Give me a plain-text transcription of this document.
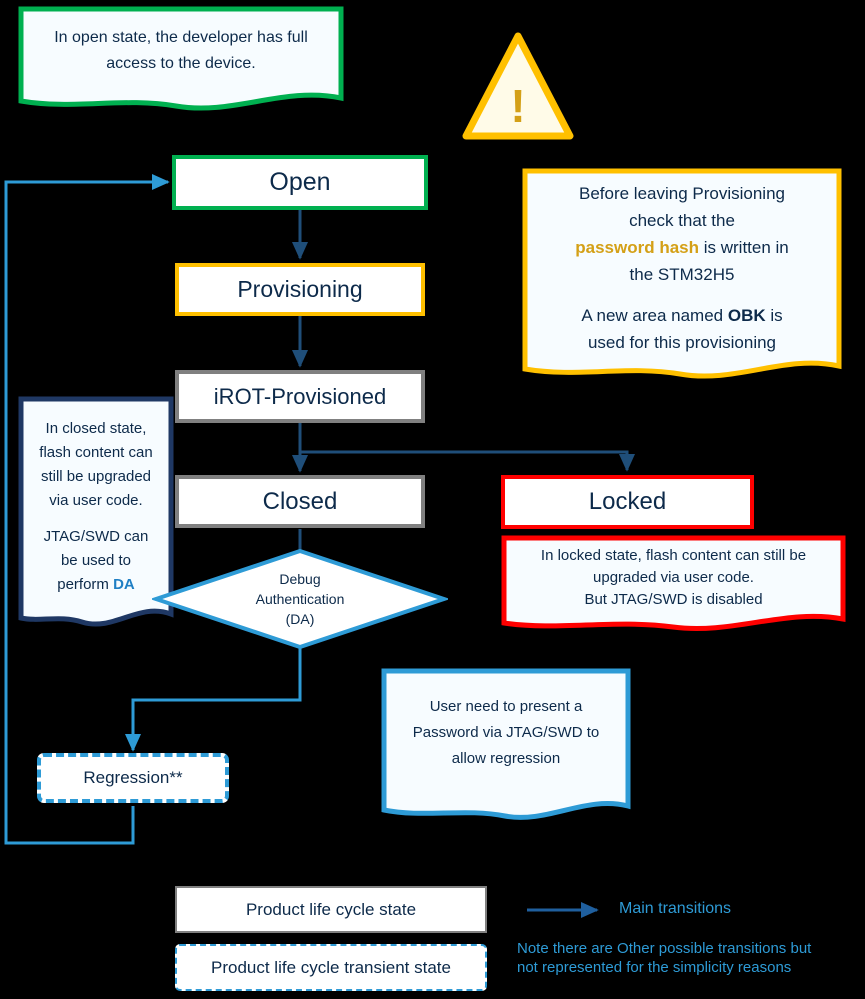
In open state, the developer has full
access to the device.
!
Before leaving Provisioning
check that the
password hash is written in
the STM32H5

A new area named OBK is
used for this provisioning
In closed state,
flash content can
still be upgraded
via user code.

JTAG/SWD can
be used to
perform DA
In locked state, flash content can still be
upgraded via user code.
But JTAG/SWD is disabled
User need to present a
Password via JTAG/SWD to
allow regression
Open
Provisioning
iROT-Provisioned
Closed	Locked
Regression**
Debug
Authentication
(DA)
Product life cycle state
Product life cycle transient state
Main transitions
Note there are Other possible transitions but
not represented for the simplicity reasons
